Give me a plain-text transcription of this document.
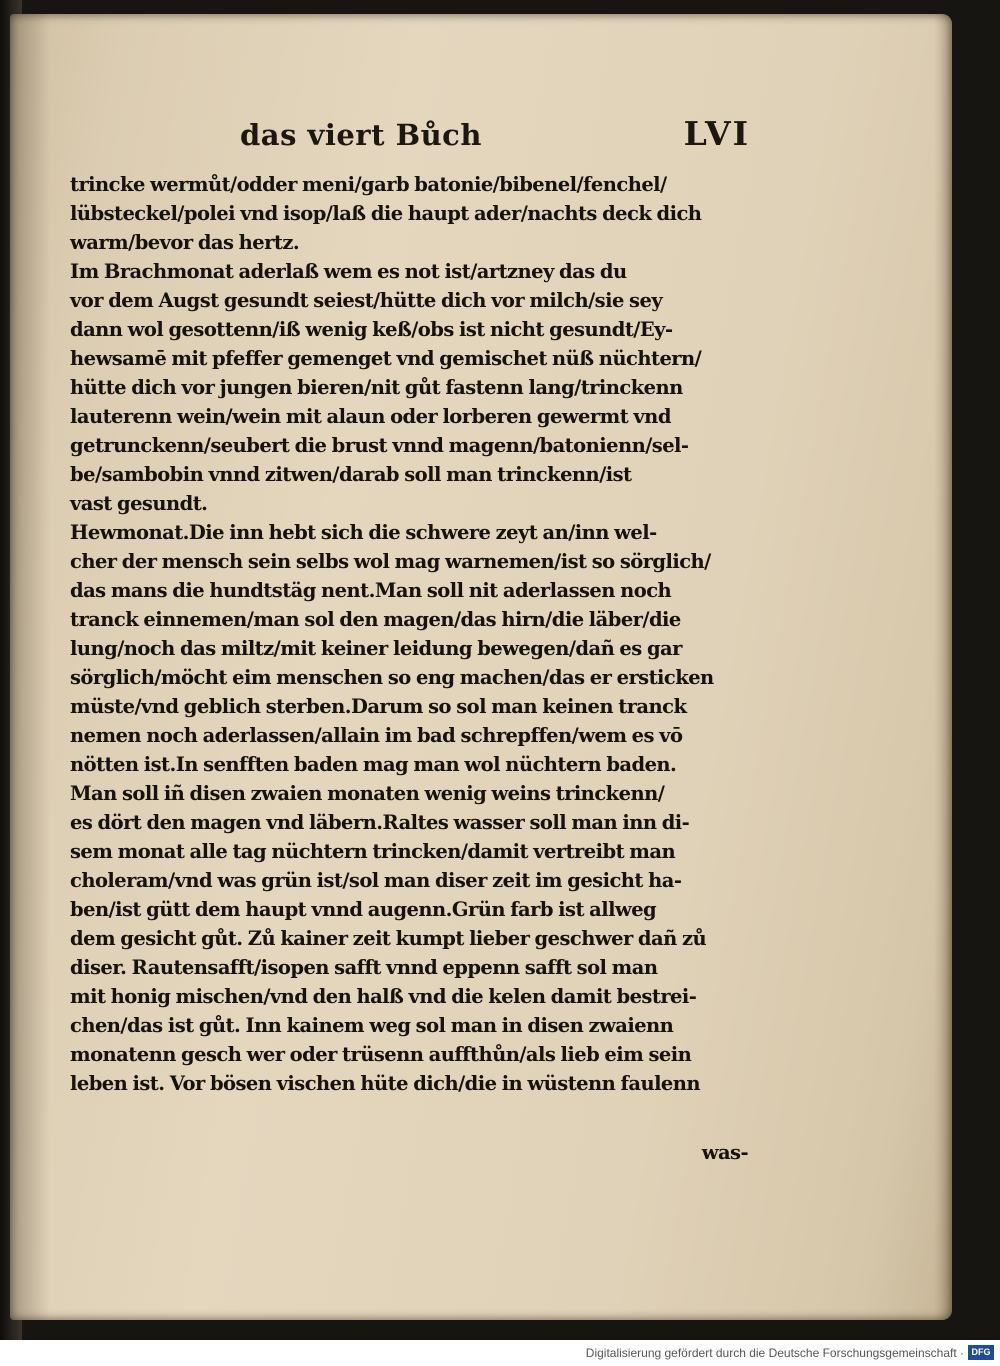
das viert Bůch	LVI
trincke wermůt/odder meni/garb batonie/bibenel/fenchel/
lübsteckel/polei vnd isop/laß die haupt ader/nachts deck dich
warm/bevor das hertz.
Im Brachmonat aderlaß wem es not ist/artzney das du
vor dem Augst gesundt seiest/hütte dich vor milch/sie sey
dann wol gesottenn/iß wenig keß/obs ist nicht gesundt/Ey-
hewsamē mit pfeffer gemenget vnd gemischet nüß nüchtern/
hütte dich vor jungen bieren/nit gůt fastenn lang/trinckenn
lauterenn wein/wein mit alaun oder lorberen gewermt vnd
getrunckenn/seubert die brust vnnd magenn/batonienn/sel-
be/sambobin vnnd zitwen/darab soll man trinckenn/ist
vast gesundt.
Hewmonat.Die inn hebt sich die schwere zeyt an/inn wel-
cher der mensch sein selbs wol mag warnemen/ist so sörglich/
das mans die hundtstäg nent.Man soll nit aderlassen noch
tranck einnemen/man sol den magen/das hirn/die läber/die
lung/noch das miltz/mit keiner leidung bewegen/dañ es gar
sörglich/möcht eim menschen so eng machen/das er ersticken
müste/vnd geblich sterben.Darum so sol man keinen tranck
nemen noch aderlassen/allain im bad schrepffen/wem es vō
nötten ist.In senfften baden mag man wol nüchtern baden.
Man soll iñ disen zwaien monaten wenig weins trinckenn/
es dört den magen vnd läbern.Raltes wasser soll man inn di-
sem monat alle tag nüchtern trincken/damit vertreibt man
choleram/vnd was grün ist/sol man diser zeit im gesicht ha-
ben/ist gütt dem haupt vnnd augenn.Grün farb ist allweg
dem gesicht gůt. Zů kainer zeit kumpt lieber geschwer dañ zů
diser. Rautensafft/isopen safft vnnd eppenn safft sol man
mit honig mischen/vnd den halß vnd die kelen damit bestrei-
chen/das ist gůt. Inn kainem weg sol man in disen zwaienn
monatenn gesch wer oder trüsenn auffthůn/als lieb eim sein
leben ist. Vor bösen vischen hüte dich/die in wüstenn faulenn
was-
Digitalisierung gefördert durch die Deutsche Forschungsgemeinschaft · DFG
